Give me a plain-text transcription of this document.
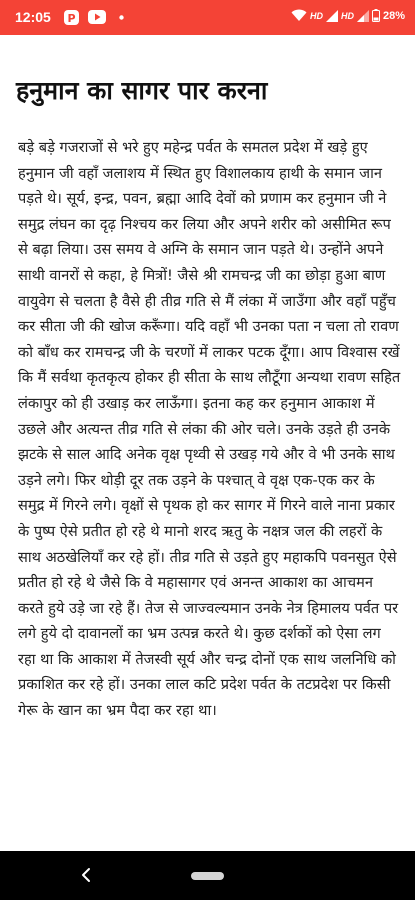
12:05 P	HD HD	28%
हनुमान का सागर पार करना

बड़े बड़े गजराजों से भरे हुए महेन्द्र पर्वत के समतल प्रदेश में खड़े हुए हनुमान जी वहाँ जलाशय में स्थित हुए विशालकाय हाथी के समान जान पड़ते थे। सूर्य, इन्द्र, पवन, ब्रह्मा आदि देवों को प्रणाम कर हनुमान जी ने समुद्र लंघन का दृढ़ निश्चय कर लिया और अपने शरीर को असीमित रूप से बढ़ा लिया। उस समय वे अग्नि के समान जान पड़ते थे। उन्होंने अपने साथी वानरों से कहा, हे मित्रों! जैसे श्री रामचन्द्र जी का छोड़ा हुआ बाण वायुवेग से चलता है वैसे ही तीव्र गति से मैं लंका में जाउँगा और वहाँ पहुँच कर सीता जी की खोज करूँगा। यदि वहाँ भी उनका पता न चला तो रावण को बाँध कर रामचन्द्र जी के चरणों में लाकर पटक दूँगा। आप विश्वास रखें कि मैं सर्वथा कृतकृत्य होकर ही सीता के साथ लौटूँगा अन्यथा रावण सहित लंकापुर को ही उखाड़ कर लाऊँगा। इतना कह कर हनुमान आकाश में उछले और अत्यन्त तीव्र गति से लंका की ओर चले। उनके उड़ते ही उनके झटके से साल आदि अनेक वृक्ष पृथ्वी से उखड़ गये और वे भी उनके साथ उड़ने लगे। फिर थोड़ी दूर तक उड़ने के पश्चात् वे वृक्ष एक-एक कर के समुद्र में गिरने लगे। वृक्षों से पृथक हो कर सागर में गिरने वाले नाना प्रकार के पुष्प ऐसे प्रतीत हो रहे थे मानो शरद ऋतु के नक्षत्र जल की लहरों के साथ अठखेलियाँ कर रहे हों। तीव्र गति से उड़ते हुए महाकपि पवनसुत ऐसे प्रतीत हो रहे थे जैसे कि वे महासागर एवं अनन्त आकाश का आचमन करते हुये उड़े जा रहे हैं। तेज से जाज्वल्यमान उनके नेत्र हिमालय पर्वत पर लगे हुये दो दावानलों का भ्रम उत्पन्न करते थे। कुछ दर्शकों को ऐसा लग रहा था कि आकाश में तेजस्वी सूर्य और चन्द्र दोनों एक साथ जलनिधि को प्रकाशित कर रहे हों। उनका लाल कटि प्रदेश पर्वत के तटप्रदेश पर किसी गेरू के खान का भ्रम पैदा कर रहा था।
